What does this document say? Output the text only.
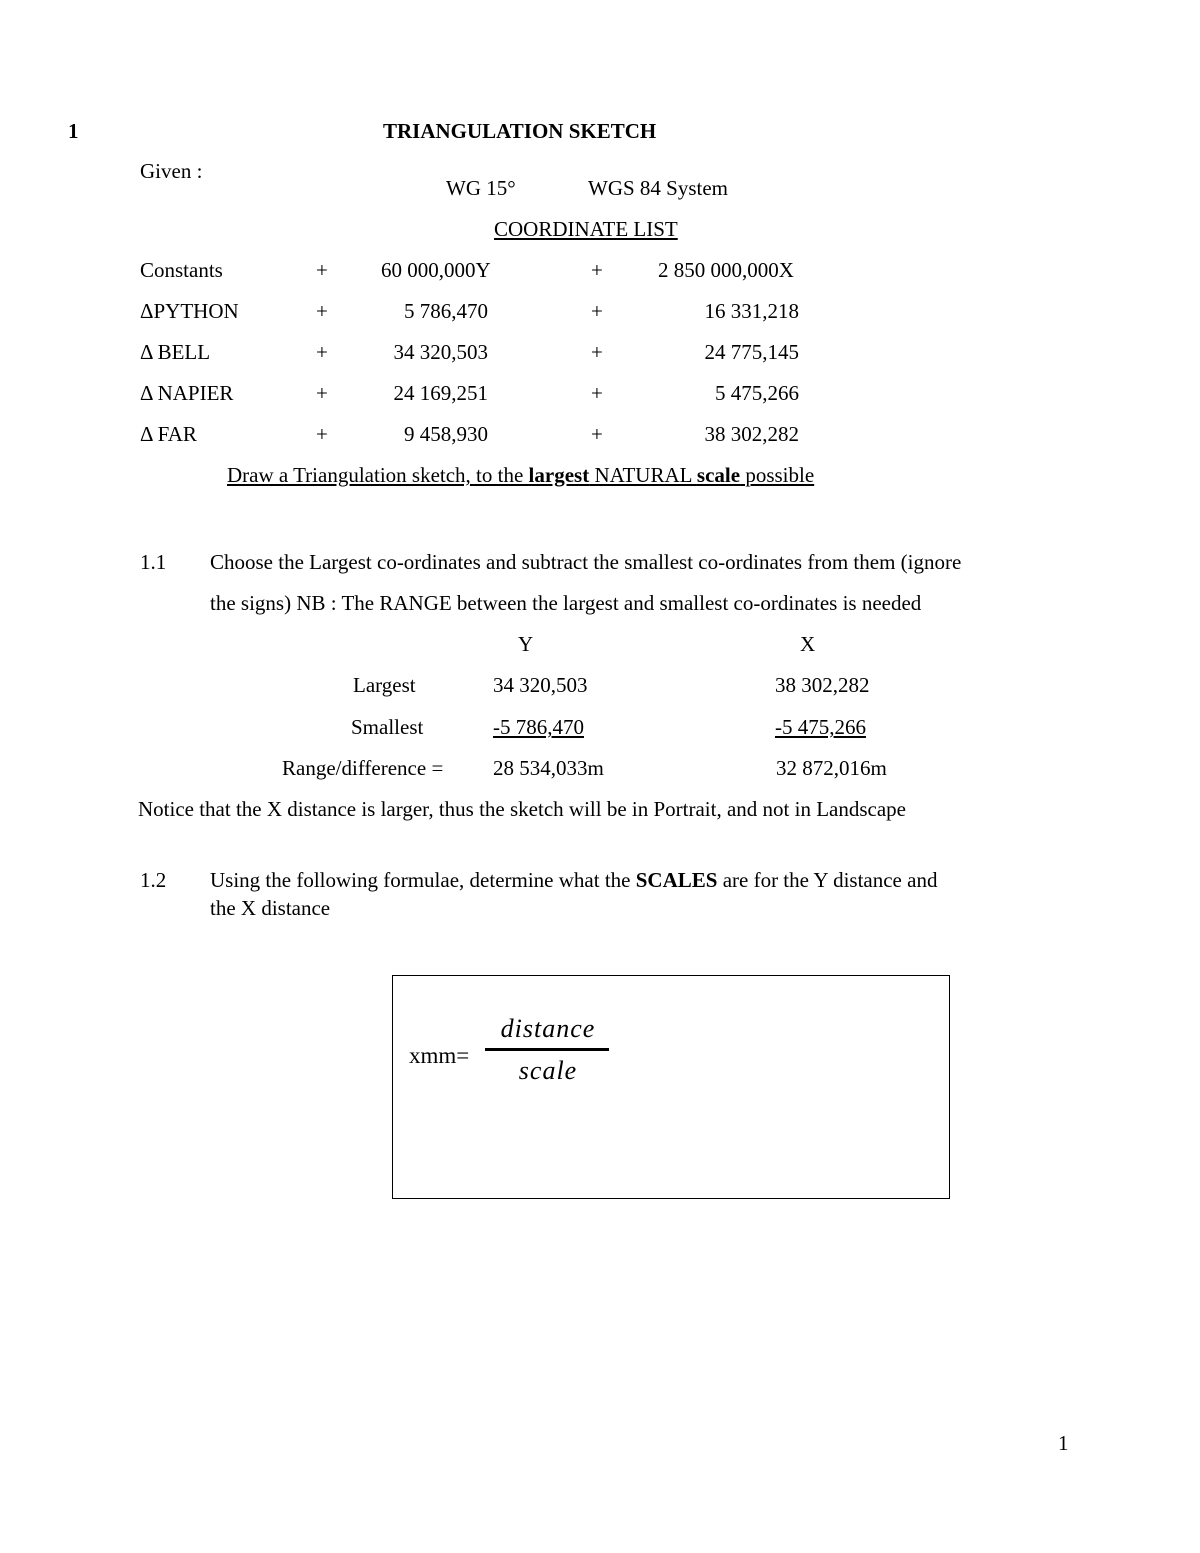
1	TRIANGULATION SKETCH
Given :
WG 15°	WGS 84 System
COORDINATE LIST
Constants	+	60 000,000Y	+	2 850 000,000X
ΔPYTHON	+	5 786,470	+	16 331,218
Δ BELL	+	34 320,503	+	24 775,145
Δ NAPIER	+	24 169,251	+	5 475,266
Δ FAR	+	9 458,930	+	38 302,282
Draw a Triangulation sketch, to the largest NATURAL scale possible
1.1 Choose the Largest co-ordinates and subtract the smallest co-ordinates from them (ignore
the signs) NB : The RANGE between the largest and smallest co-ordinates is needed
Y	X
Largest	34 320,503	38 302,282
Smallest	-5 786,470	-5 475,266
Range/difference = 28 534,033m	32 872,016m
Notice that the X distance is larger, thus the sketch will be in Portrait, and not in Landscape
1.2 Using the following formulae, determine what the SCALES are for the Y distance and
the X distance
xmm=
distance
scale
1
